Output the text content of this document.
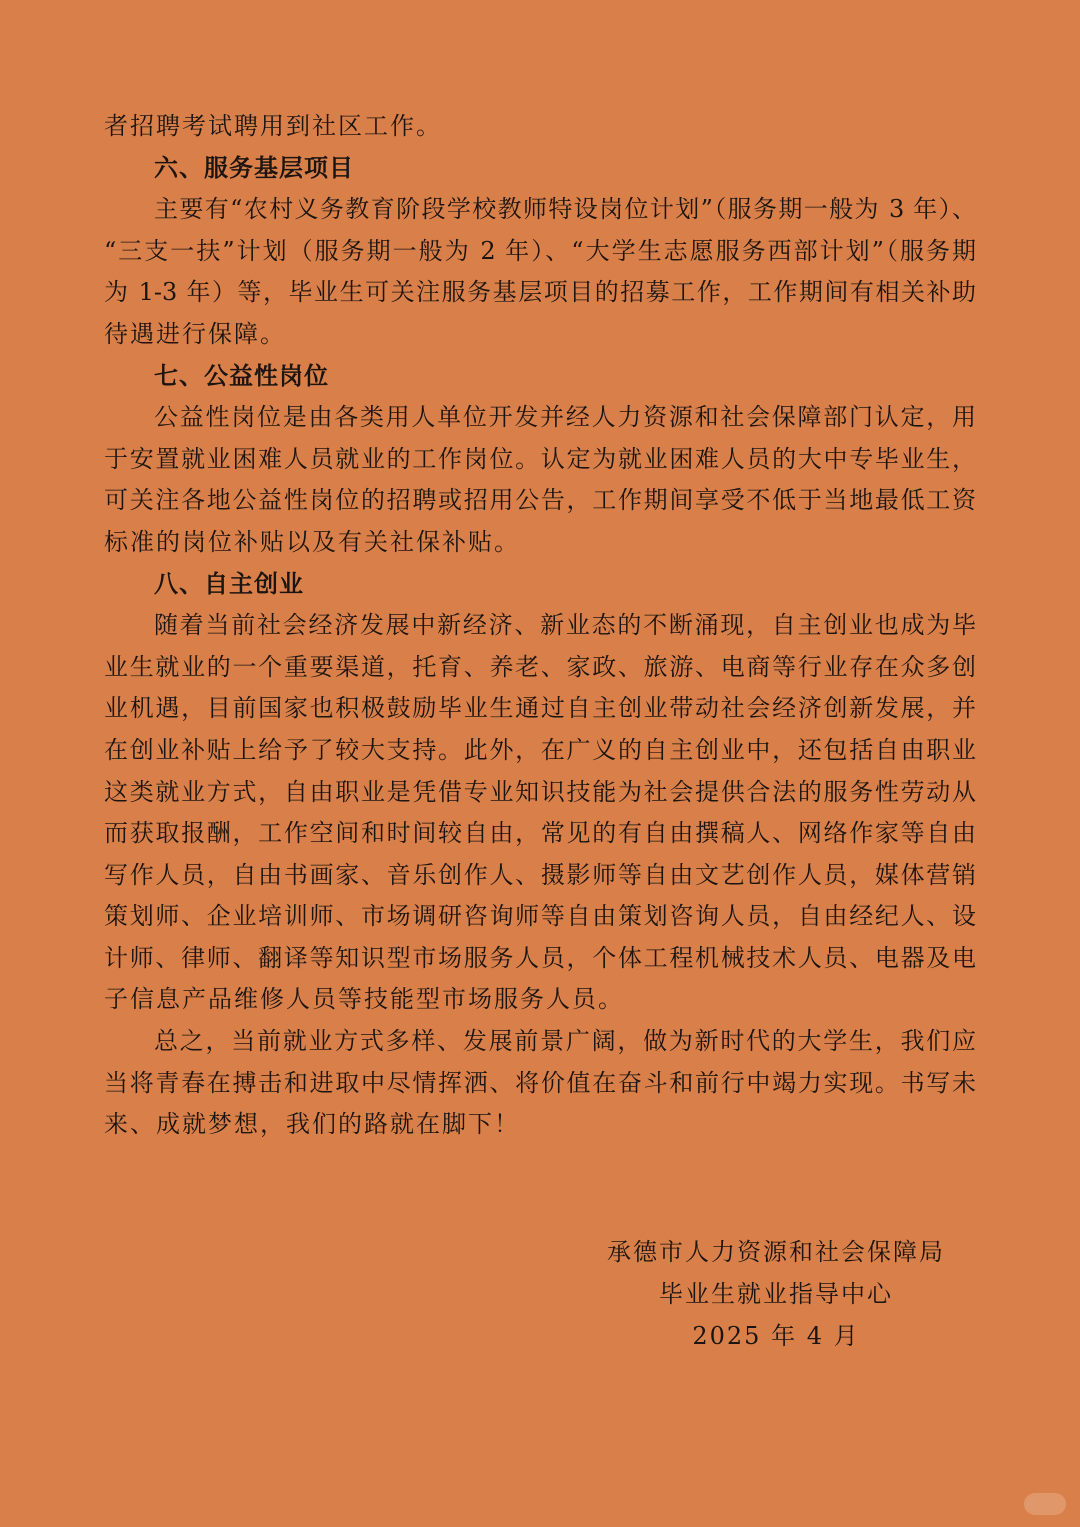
者招聘考试聘用到社区工作。
六、服务基层项目
主要有“农村义务教育阶段学校教师特设岗位计划”（服务期一般为 3 年）、
“三支一扶”计划（服务期一般为 2 年）、“大学生志愿服务西部计划”（服务期
为 1-3 年）等，毕业生可关注服务基层项目的招募工作，工作期间有相关补助
待遇进行保障。
七、公益性岗位
公益性岗位是由各类用人单位开发并经人力资源和社会保障部门认定，用
于安置就业困难人员就业的工作岗位。认定为就业困难人员的大中专毕业生，
可关注各地公益性岗位的招聘或招用公告，工作期间享受不低于当地最低工资
标准的岗位补贴以及有关社保补贴。
八、自主创业
随着当前社会经济发展中新经济、新业态的不断涌现，自主创业也成为毕
业生就业的一个重要渠道，托育、养老、家政、旅游、电商等行业存在众多创
业机遇，目前国家也积极鼓励毕业生通过自主创业带动社会经济创新发展，并
在创业补贴上给予了较大支持。此外，在广义的自主创业中，还包括自由职业
这类就业方式，自由职业是凭借专业知识技能为社会提供合法的服务性劳动从
而获取报酬，工作空间和时间较自由，常见的有自由撰稿人、网络作家等自由
写作人员，自由书画家、音乐创作人、摄影师等自由文艺创作人员，媒体营销
策划师、企业培训师、市场调研咨询师等自由策划咨询人员，自由经纪人、设
计师、律师、翻译等知识型市场服务人员，个体工程机械技术人员、电器及电
子信息产品维修人员等技能型市场服务人员。
总之，当前就业方式多样、发展前景广阔，做为新时代的大学生，我们应
当将青春在搏击和进取中尽情挥洒、将价值在奋斗和前行中竭力实现。书写未
来、成就梦想，我们的路就在脚下！
承德市人力资源和社会保障局
毕业生就业指导中心
2025 年 4 月
